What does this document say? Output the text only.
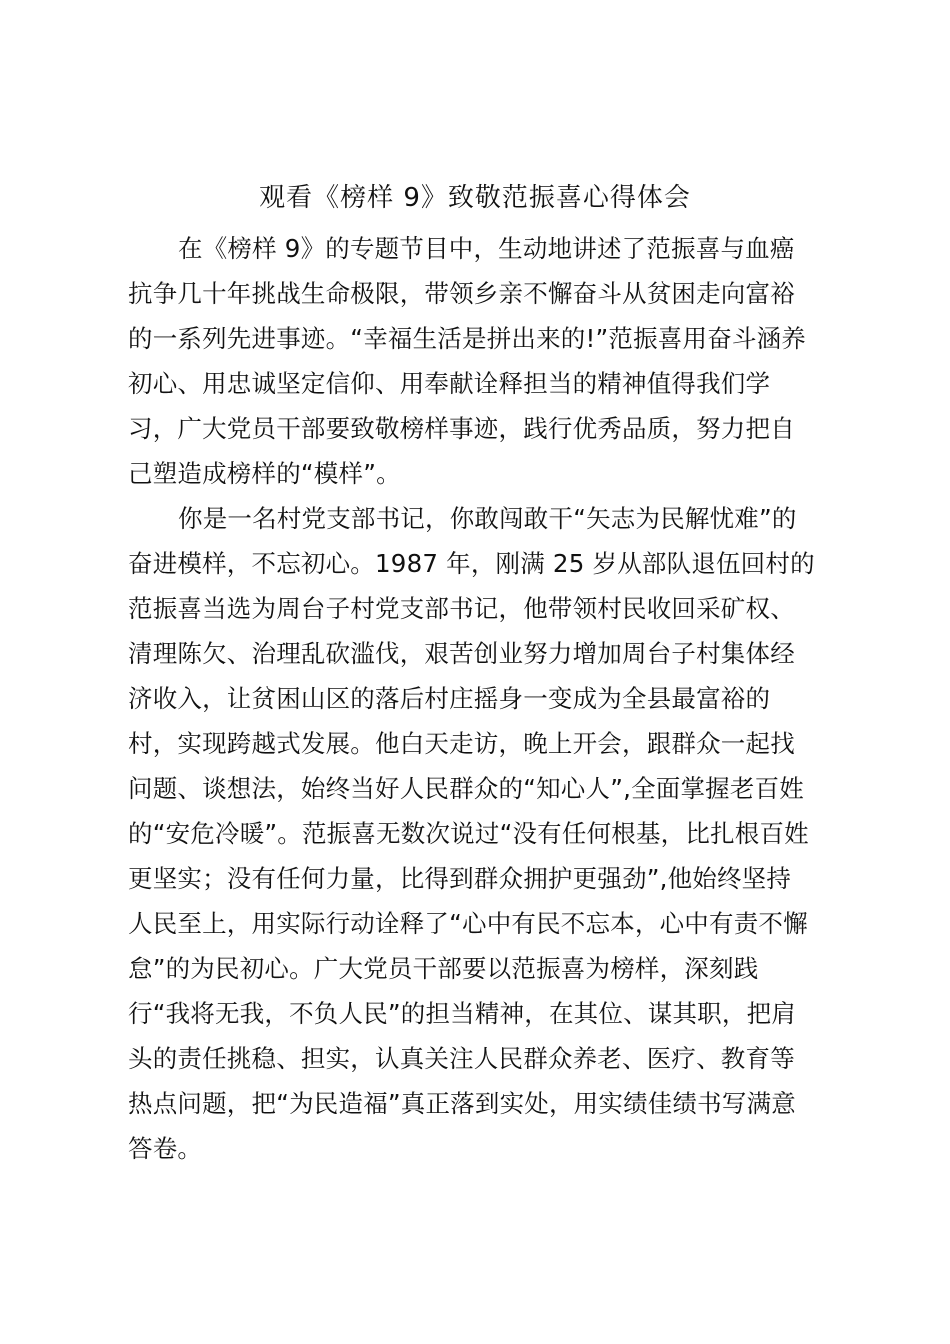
观看《榜样 9》致敬范振喜心得体会
在《榜样 9》的专题节目中，生动地讲述了范振喜与血癌
抗争几十年挑战生命极限，带领乡亲不懈奋斗从贫困走向富裕
的一系列先进事迹。“幸福生活是拼出来的!”范振喜用奋斗涵养
初心、用忠诚坚定信仰、用奉献诠释担当的精神值得我们学
习，广大党员干部要致敬榜样事迹，践行优秀品质，努力把自
己塑造成榜样的“模样”。
你是一名村党支部书记，你敢闯敢干“矢志为民解忧难”的
奋进模样，不忘初心。1987 年，刚满 25 岁从部队退伍回村的
范振喜当选为周台子村党支部书记，他带领村民收回采矿权、
清理陈欠、治理乱砍滥伐，艰苦创业努力增加周台子村集体经
济收入，让贫困山区的落后村庄摇身一变成为全县最富裕的
村，实现跨越式发展。他白天走访，晚上开会，跟群众一起找
问题、谈想法，始终当好人民群众的“知心人”,全面掌握老百姓
的“安危冷暖”。范振喜无数次说过“没有任何根基，比扎根百姓
更坚实；没有任何力量，比得到群众拥护更强劲”,他始终坚持
人民至上，用实际行动诠释了“心中有民不忘本，心中有责不懈
怠”的为民初心。广大党员干部要以范振喜为榜样，深刻践
行“我将无我，不负人民”的担当精神，在其位、谋其职，把肩
头的责任挑稳、担实，认真关注人民群众养老、医疗、教育等
热点问题，把“为民造福”真正落到实处，用实绩佳绩书写满意
答卷。
